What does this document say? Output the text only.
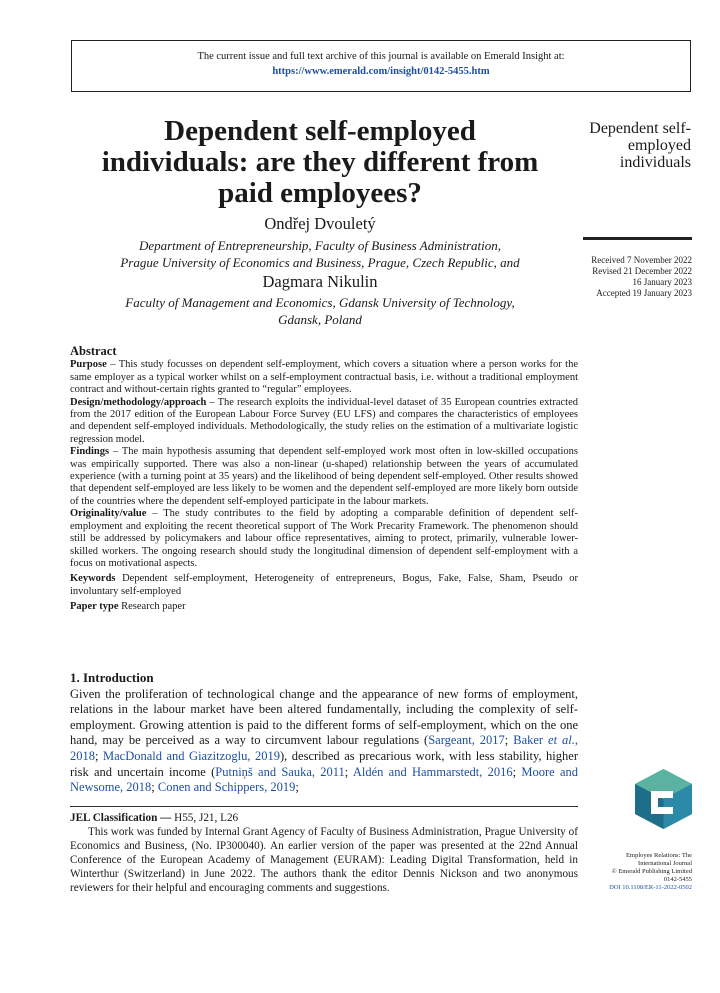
The current issue and full text archive of this journal is available on Emerald Insight at:
https://www.emerald.com/insight/0142-5455.htm
Dependent self-employed
individuals: are they different from
paid employees?
Dependent self-
employed
individuals
Ondřej Dvouletý
Department of Entrepreneurship, Faculty of Business Administration,
Prague University of Economics and Business, Prague, Czech Republic, and
Dagmara Nikulin
Faculty of Management and Economics, Gdansk University of Technology,
Gdansk, Poland
Received 7 November 2022
Revised 21 December 2022
16 January 2023
Accepted 19 January 2023
Abstract

Purpose – This study focusses on dependent self-employment, which covers a situation where a person works for the same employer as a typical worker whilst on a self-employment contractual basis, i.e. without a traditional employment contract and without-certain rights granted to “regular” employees.

Design/methodology/approach – The research exploits the individual-level dataset of 35 European countries extracted from the 2017 edition of the European Labour Force Survey (EU LFS) and compares the characteristics of employees and dependent self-employed individuals. Methodologically, the study relies on the estimation of a multivariate logistic regression model.

Findings – The main hypothesis assuming that dependent self-employed work most often in low-skilled occupations was empirically supported. There was also a non-linear (u-shaped) relationship between the years of accumulated experience (with a turning point at 35 years) and the likelihood of being dependent self-employed. Other results showed that dependent self-employed are less likely to be women and the dependent self-employed are more likely born outside of the countries where the dependent self-employed participate in the labour markets.

Originality/value – The study contributes to the field by adopting a comparable definition of dependent self-employment and exploiting the recent theoretical support of The Work Precarity Framework. The phenomenon should still be addressed by policymakers and labour office representatives, aiming to protect, primarily, vulnerable lower-skilled workers. The ongoing research should study the longitudinal dimension of dependent self-employment with a focus on motivational aspects.

Keywords Dependent self-employment, Heterogeneity of entrepreneurs, Bogus, Fake, False, Sham, Pseudo or involuntary self-employed

Paper type Research paper

1. Introduction

Given the proliferation of technological change and the appearance of new forms of employment, relations in the labour market have been altered fundamentally, including the complexity of self-employment. Growing attention is paid to the different forms of self-employment, which on the one hand, may be perceived as a way to circumvent labour regulations (Sargeant, 2017; Baker et al., 2018; MacDonald and Giazitzoglu, 2019), described as precarious work, with less stability, higher risk and uncertain income (Putniņš and Sauka, 2011; Aldén and Hammarstedt, 2016; Moore and Newsome, 2018; Conen and Schippers, 2019;

JEL Classification — H55, J21, L26

This work was funded by Internal Grant Agency of Faculty of Business Administration, Prague University of Economics and Business, (No. IP300040). An earlier version of the paper was presented at the 22nd Annual Conference of the European Academy of Management (EURAM): Leading Digital Transformation, held in Winterthur (Switzerland) in June 2022. The authors thank the editor Dennis Nickson and two anonymous reviewers for their helpful and encouraging comments and suggestions.

Employee Relations: The
International Journal
© Emerald Publishing Limited
0142-5455
DOI 10.1108/ER-11-2022-0502
